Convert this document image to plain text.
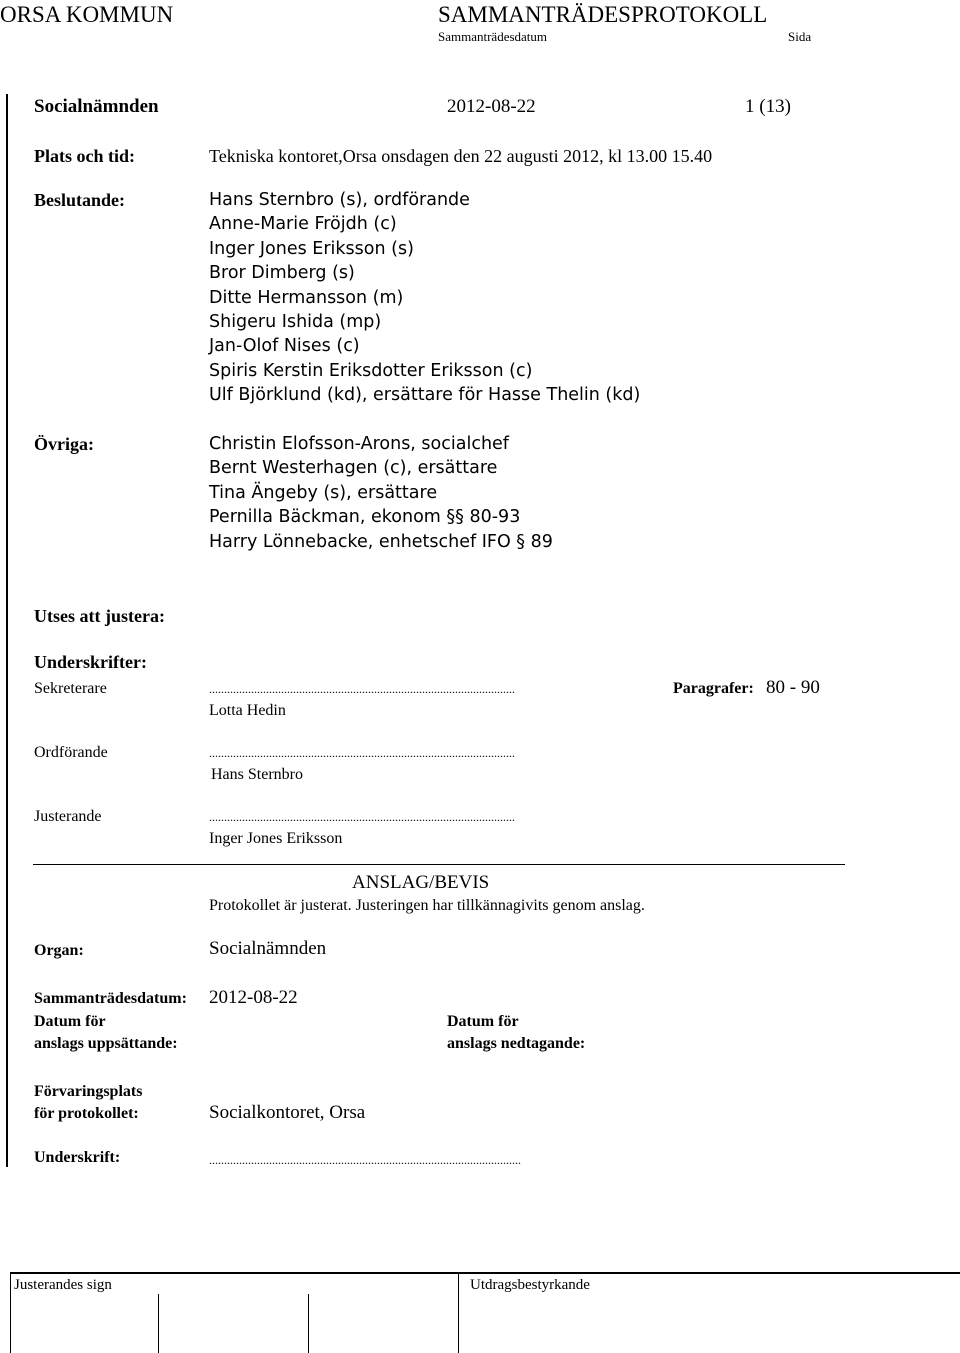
ORSA KOMMUN	SAMMANTRÄDESPROTOKOLL
Sammanträdesdatum	Sida
Socialnämnden	2012-08-22	1 (13)
Plats och tid:	Tekniska kontoret,Orsa onsdagen den 22 augusti 2012, kl 13.00 15.40
Beslutande:	Hans Sternbro (s), ordförande
Anne-Marie Fröjdh (c)
Inger Jones Eriksson (s)
Bror Dimberg (s)
Ditte Hermansson (m)
Shigeru Ishida (mp)
Jan-Olof Nises (c)
Spiris Kerstin Eriksdotter Eriksson (c)
Ulf Björklund (kd), ersättare för Hasse Thelin (kd)
Övriga:	Christin Elofsson-Arons, socialchef
Bernt Westerhagen (c), ersättare
Tina Ängeby (s), ersättare
Pernilla Bäckman, ekonom §§ 80-93
Harry Lönnebacke, enhetschef IFO § 89
Utses att justera:
Underskrifter:
Sekreterare	......................................................................................................	Paragrafer: 80 - 90
Lotta Hedin
Ordförande	......................................................................................................
Hans Sternbro
Justerande	......................................................................................................
Inger Jones Eriksson
ANSLAG/BEVIS
Protokollet är justerat. Justeringen har tillkännagivits genom anslag.
Organ:	Socialnämnden
Sammanträdesdatum: 2012-08-22
Datum för
anslags uppsättande:
Datum för
anslags nedtagande:
Förvaringsplats
för protokollet:	Socialkontoret, Orsa
Underskrift:	........................................................................................................
Justerandes sign	Utdragsbestyrkande
